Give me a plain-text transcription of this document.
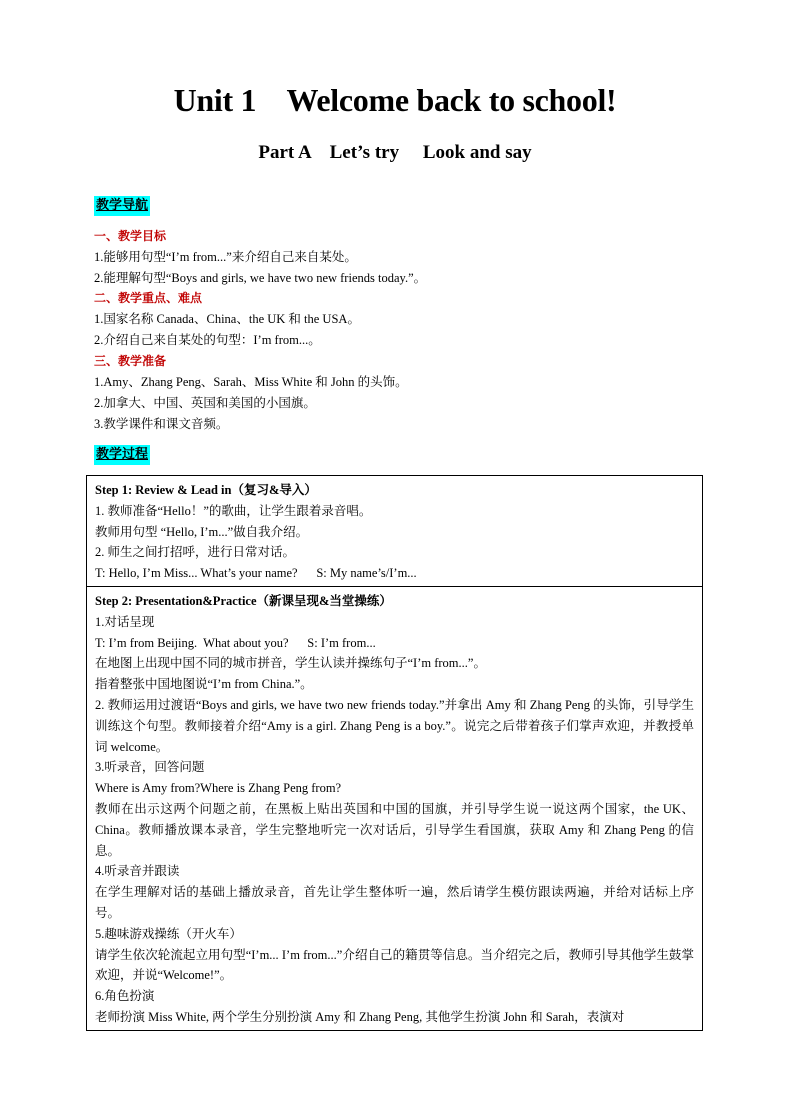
Unit 1    Welcome back to school!
Part A    Let’s try     Look and say
教学导航
一、教学目标
1.能够用句型“I’m from...”来介绍自己来自某处。
2.能理解句型“Boys and girls, we have two new friends today.”。
二、教学重点、难点
1.国家名称 Canada、China、the UK 和 the USA。
2.介绍自己来自某处的句型：I’m from...。
三、教学准备
1.Amy、Zhang Peng、Sarah、Miss White 和 John 的头饰。
2.加拿大、中国、英国和美国的小国旗。
3.教学课件和课文音频。
教学过程
Step 1: Review & Lead in（复习&导入）
1. 教师准备“Hello！”的歌曲，让学生跟着录音唱。
教师用句型 “Hello, I’m...”做自我介绍。
2. 师生之间打招呼，进行日常对话。
T: Hello, I’m Miss... What’s your name?      S: My name’s/I’m...

Step 2: Presentation&Practice（新课呈现&当堂操练）
1.对话呈现
T: I’m from Beijing.  What about you?      S: I’m from...
在地图上出现中国不同的城市拼音，学生认读并操练句子“I’m from...”。
指着整张中国地图说“I’m from China.”。
2. 教师运用过渡语“Boys and girls, we have two new friends today.”并拿出 Amy 和 Zhang Peng 的头饰，引导学生训练这个句型。教师接着介绍“Amy is a girl. Zhang Peng is a boy.”。说完之后带着孩子们掌声欢迎，并教授单词 welcome。
3.听录音，回答问题
Where is Amy from?Where is Zhang Peng from?
教师在出示这两个问题之前，在黑板上贴出英国和中国的国旗，并引导学生说一说这两个国家，the UK、China。教师播放课本录音，学生完整地听完一次对话后，引导学生看国旗，获取 Amy 和 Zhang Peng 的信息。
4.听录音并跟读
在学生理解对话的基础上播放录音，首先让学生整体听一遍，然后请学生模仿跟读两遍，并给对话标上序号。
5.趣味游戏操练（开火车）
请学生依次轮流起立用句型“I’m... I’m from...”介绍自己的籍贯等信息。当介绍完之后，教师引导其他学生鼓掌欢迎，并说“Welcome!”。
6.角色扮演
老师扮演 Miss White, 两个学生分别扮演 Amy 和 Zhang Peng, 其他学生扮演 John 和 Sarah，表演对
